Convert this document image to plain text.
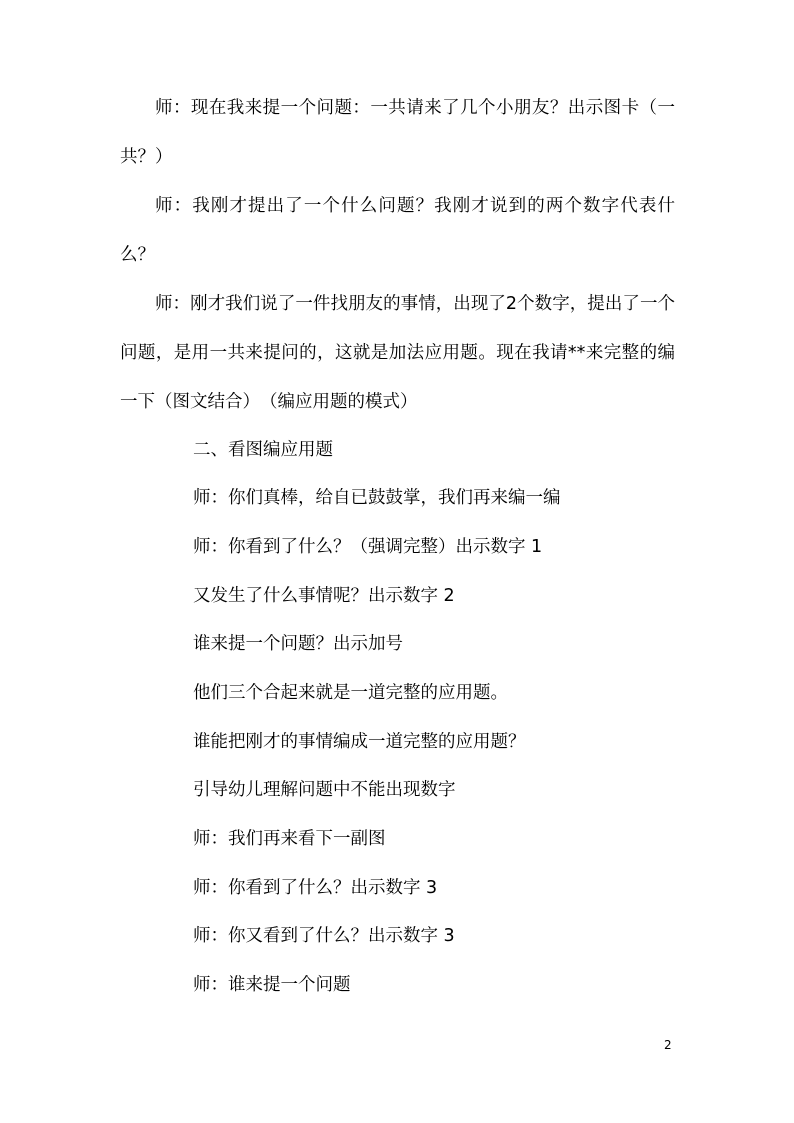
师：现在我来提一个问题：一共请来了几个小朋友？出示图卡（一共？）

师：我刚才提出了一个什么问题？我刚才说到的两个数字代表什么？

师：刚才我们说了一件找朋友的事情，出现了2个数字，提出了一个问题，是用一共来提问的，这就是加法应用题。现在我请**来完整的编一下（图文结合）　（编应用题的模式）

二、看图编应用题

师：你们真棒，给自已鼓鼓掌，我们再来编一编

师：你看到了什么？（强调完整）出示数字 1

又发生了什么事情呢？出示数字 2

谁来提一个问题？出示加号

他们三个合起来就是一道完整的应用题。

谁能把刚才的事情编成一道完整的应用题？

引导幼儿理解问题中不能出现数字

师：我们再来看下一副图

师：你看到了什么？出示数字 3

师：你又看到了什么？出示数字 3

师：谁来提一个问题

2
